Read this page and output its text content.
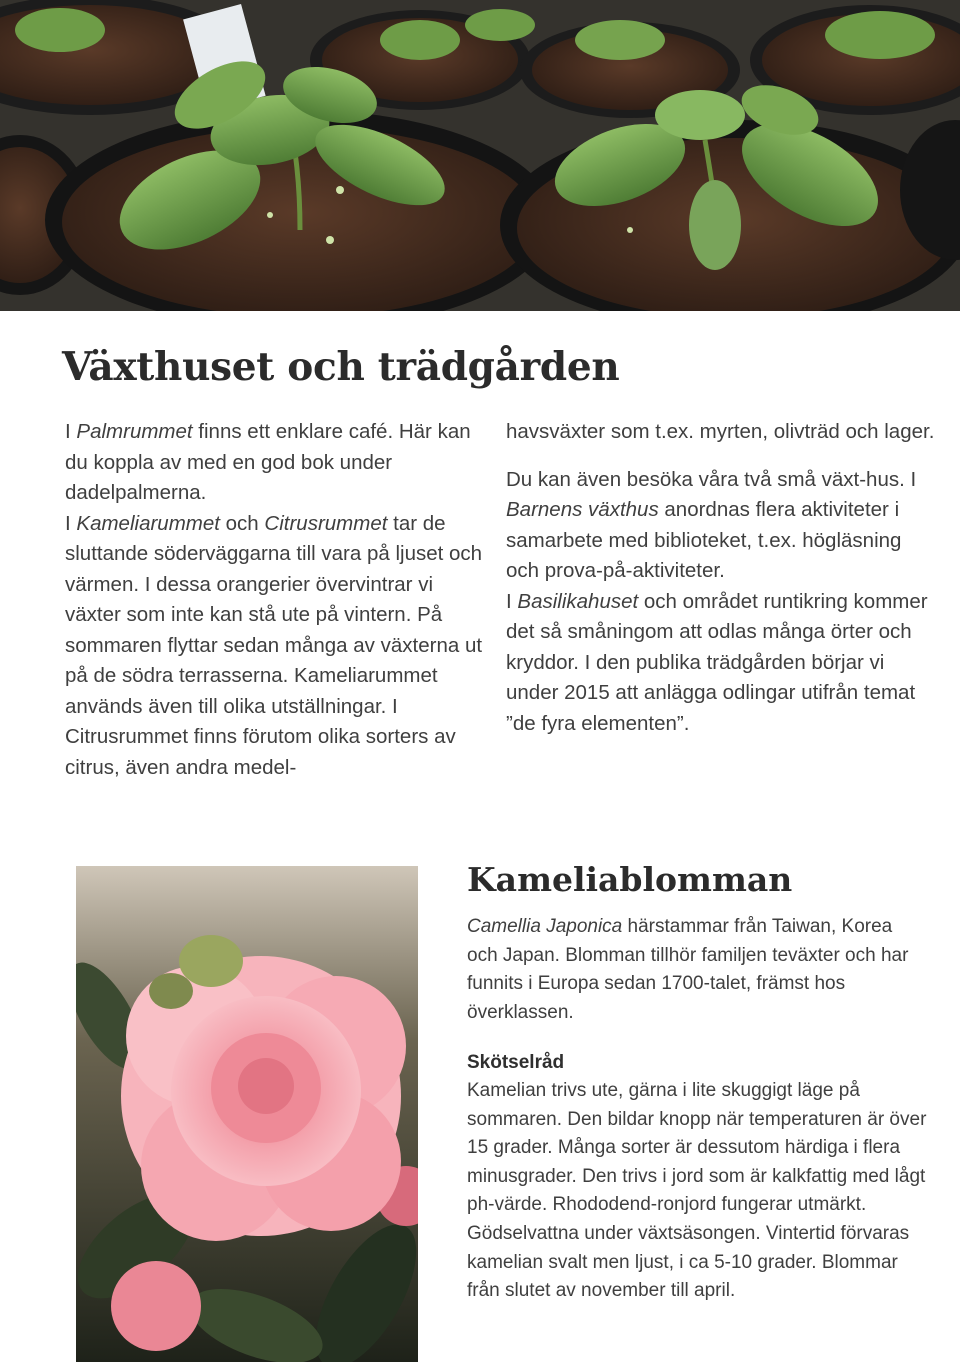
Växthuset och trädgården

I Palmrummet finns ett enklare café. Här kan du koppla av med en god bok under dadelpalmerna.
I Kameliarummet och Citrusrummet tar de sluttande söderväggarna till vara på ljuset och värmen. I dessa orangerier övervintrar vi växter som inte kan stå ute på vintern. På sommaren flyttar sedan många av växterna ut på de södra terrasserna. Kameliarummet används även till olika utställningar. I Citrusrummet finns förutom olika sorters av citrus, även andra medel-

havsväxter som t.ex. myrten, olivträd och lager.

Du kan även besöka våra två små växt-hus. I Barnens växthus anordnas flera aktiviteter i samarbete med biblioteket, t.ex. högläsning och prova-på-aktiviteter.
I Basilikahuset och området runtikring kommer det så småningom att odlas många örter och kryddor. I den publika trädgården börjar vi under 2015 att anlägga odlingar utifrån temat ”de fyra elementen”.

Kameliablomman

Camellia Japonica härstammar från Taiwan, Korea och Japan. Blomman tillhör familjen teväxter och har funnits i Europa sedan 1700-talet, främst hos överklassen.

Skötselråd

Kamelian trivs ute, gärna i lite skuggigt läge på sommaren. Den bildar knopp när temperaturen är över 15 grader. Många sorter är dessutom härdiga i flera minusgrader. Den trivs i jord som är kalkfattig med lågt ph-värde. Rhododend-ronjord fungerar utmärkt. Gödselvattna under växtsäsongen. Vintertid förvaras kamelian svalt men ljust, i ca 5-10 grader. Blommar från slutet av november till april.
